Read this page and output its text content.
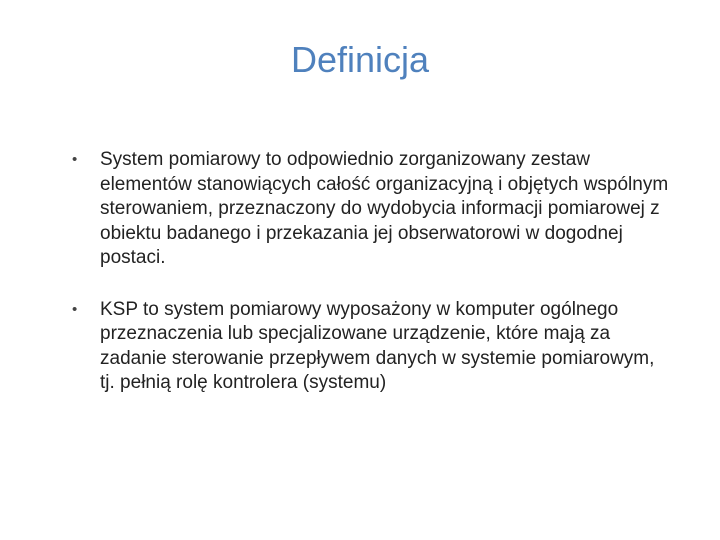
Definicja
• System pomiarowy to odpowiednio zorganizowany zestaw elementów stanowiących całość organizacyjną i objętych wspólnym sterowaniem, przeznaczony do wydobycia informacji pomiarowej z obiektu badanego i przekazania jej obserwatorowi w dogodnej postaci.
• KSP to system pomiarowy wyposażony w komputer ogólnego przeznaczenia lub specjalizowane urządzenie, które mają za zadanie sterowanie przepływem danych w systemie pomiarowym, tj. pełnią rolę kontrolera (systemu)
